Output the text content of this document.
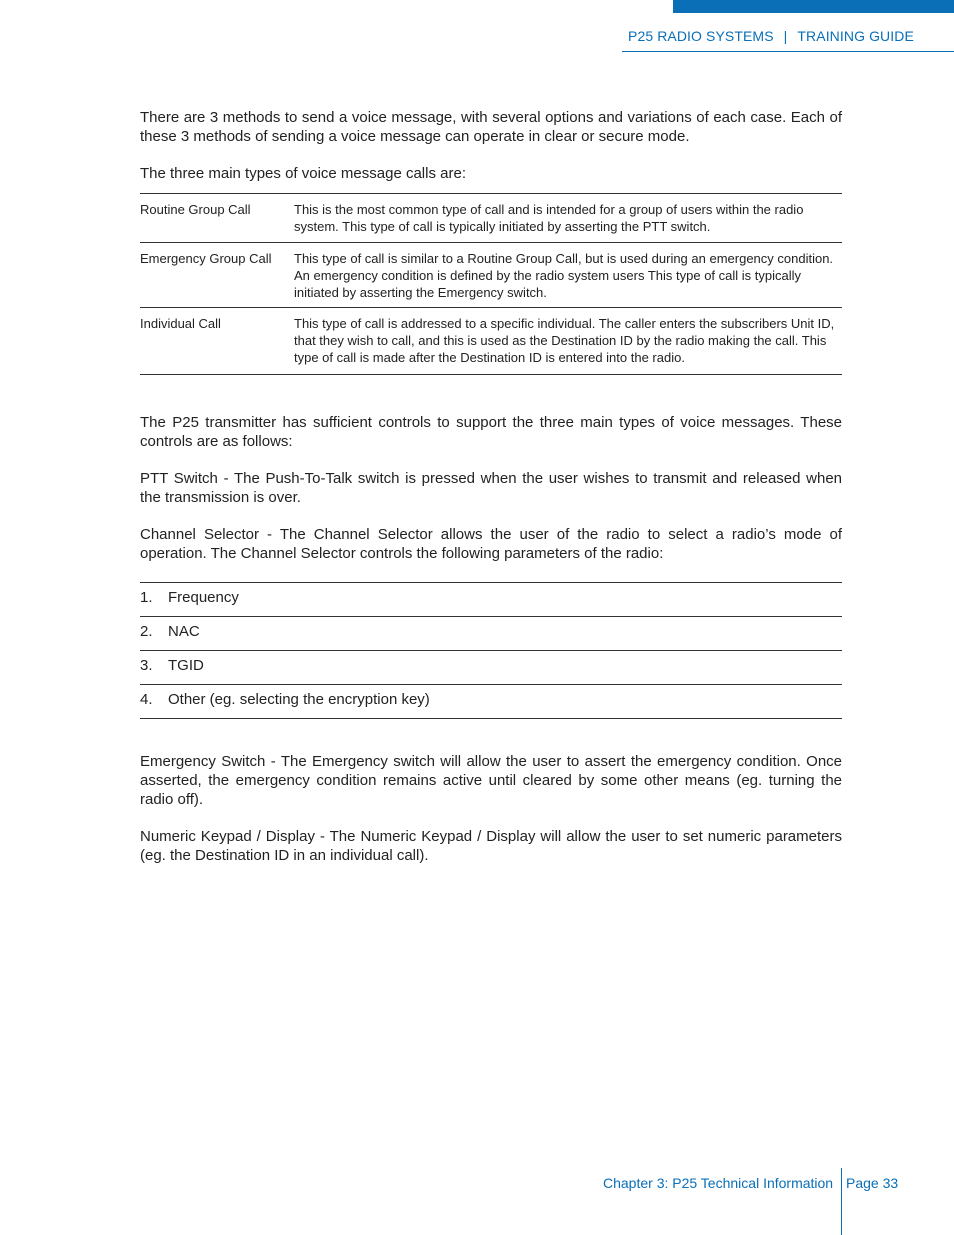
P25 RADIO SYSTEMS | TRAINING GUIDE

There are 3 methods to send a voice message, with several options and variations of each case. Each of these 3 methods of sending a voice message can operate in clear or secure mode.

The three main types of voice message calls are:

Routine Group Call	This is the most common type of call and is intended for a group of users within the radio system. This type of call is typically initiated by asserting the PTT switch.
Emergency Group Call	This type of call is similar to a Routine Group Call, but is used during an emergency condition. An emergency condition is defined by the radio system users This type of call is typically initiated by asserting the Emergency switch.
Individual Call	This type of call is addressed to a specific individual. The caller enters the subscribers Unit ID, that they wish to call, and this is used as the Destination ID by the radio making the call. This type of call is made after the Destination ID is entered into the radio.

The P25 transmitter has sufficient controls to support the three main types of voice messages. These controls are as follows:

PTT Switch - The Push-To-Talk switch is pressed when the user wishes to transmit and released when the transmission is over.

Channel Selector - The Channel Selector allows the user of the radio to select a radio’s mode of operation. The Channel Selector controls the following parameters of the radio:

1.	Frequency
2.	NAC
3.	TGID
4.	Other (eg. selecting the encryption key)

Emergency Switch - The Emergency switch will allow the user to assert the emergency condition. Once asserted, the emergency condition remains active until cleared by some other means (eg. turning the radio off).

Numeric Keypad / Display - The Numeric Keypad / Display will allow the user to set numeric parameters (eg. the Destination ID in an individual call).

Chapter 3: P25 Technical Information Page 33
